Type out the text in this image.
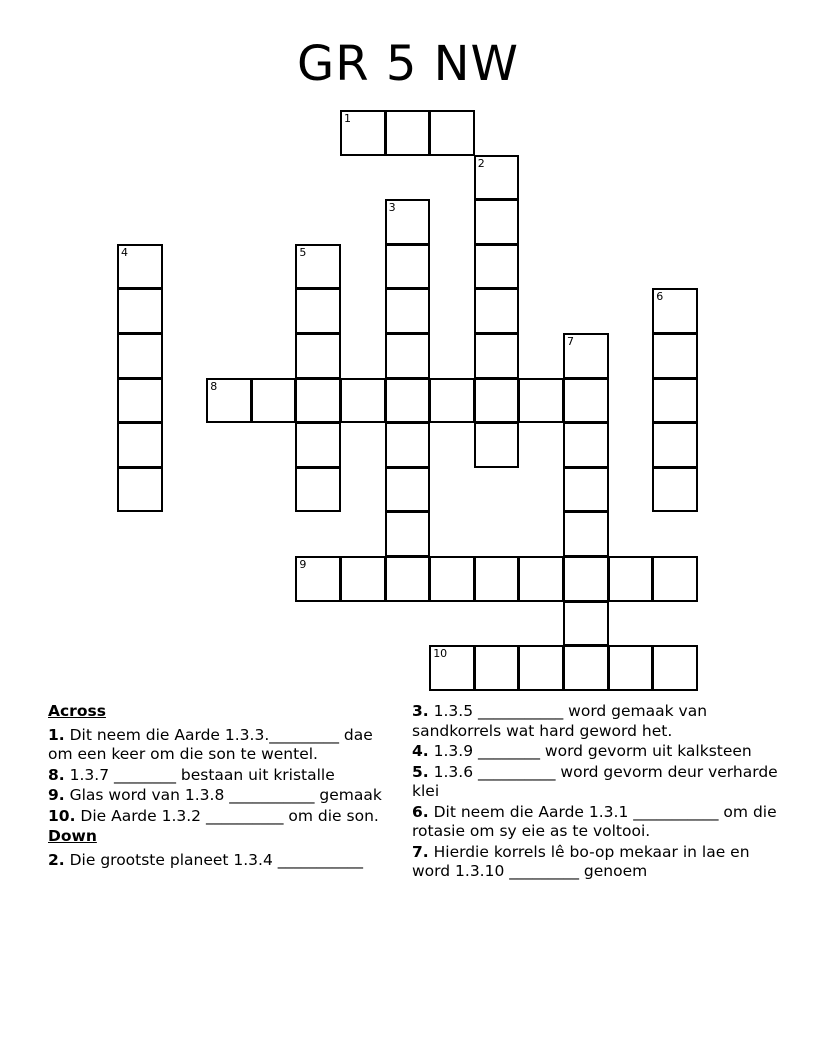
GR 5 NW
1
2
3
4	5
6
7
8
9
10
Across
1. Dit neem die Aarde 1.3.3._________ dae om een keer om die son te wentel.
8. 1.3.7 ________ bestaan uit kristalle
9. Glas word van 1.3.8 ___________ gemaak
10. Die Aarde 1.3.2 __________ om die son.
Down
2. Die grootste planeet 1.3.4 ___________
3. 1.3.5 ___________ word gemaak van sandkorrels wat hard geword het.
4. 1.3.9 ________ word gevorm uit kalksteen
5. 1.3.6 __________ word gevorm deur verharde klei
6. Dit neem die Aarde 1.3.1 ___________ om die rotasie om sy eie as te voltooi.
7. Hierdie korrels lê bo-op mekaar in lae en word 1.3.10 _________ genoem
